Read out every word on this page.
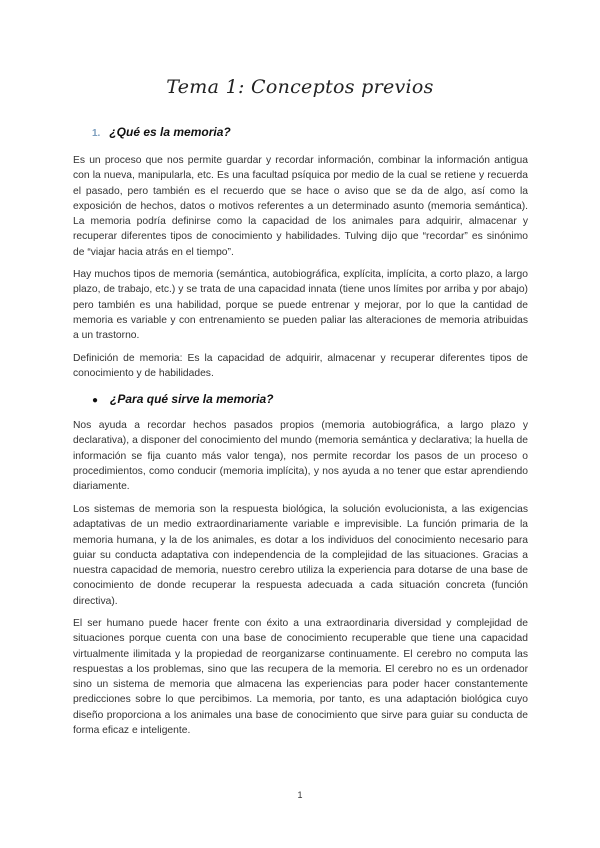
Tema 1: Conceptos previos
1. ¿Qué es la memoria?

Es un proceso que nos permite guardar y recordar información, combinar la información antigua con la nueva, manipularla, etc. Es una facultad psíquica por medio de la cual se retiene y recuerda el pasado, pero también es el recuerdo que se hace o aviso que se da de algo, así como la exposición de hechos, datos o motivos referentes a un determinado asunto (memoria semántica). La memoria podría definirse como la capacidad de los animales para adquirir, almacenar y recuperar diferentes tipos de conocimiento y habilidades. Tulving dijo que “recordar” es sinónimo de “viajar hacia atrás en el tiempo”.

Hay muchos tipos de memoria (semántica, autobiográfica, explícita, implícita, a corto plazo, a largo plazo, de trabajo, etc.) y se trata de una capacidad innata (tiene unos límites por arriba y por abajo) pero también es una habilidad, porque se puede entrenar y mejorar, por lo que la cantidad de memoria es variable y con entrenamiento se pueden paliar las alteraciones de memoria atribuidas a un trastorno.

Definición de memoria: Es la capacidad de adquirir, almacenar y recuperar diferentes tipos de conocimiento y de habilidades.

● ¿Para qué sirve la memoria?

Nos ayuda a recordar hechos pasados propios (memoria autobiográfica, a largo plazo y declarativa), a disponer del conocimiento del mundo (memoria semántica y declarativa; la huella de información se fija cuanto más valor tenga), nos permite recordar los pasos de un proceso o procedimientos, como conducir (memoria implícita), y nos ayuda a no tener que estar aprendiendo diariamente.

Los sistemas de memoria son la respuesta biológica, la solución evolucionista, a las exigencias adaptativas de un medio extraordinariamente variable e imprevisible. La función primaria de la memoria humana, y la de los animales, es dotar a los individuos del conocimiento necesario para guiar su conducta adaptativa con independencia de la complejidad de las situaciones. Gracias a nuestra capacidad de memoria, nuestro cerebro utiliza la experiencia para dotarse de una base de conocimiento de donde recuperar la respuesta adecuada a cada situación concreta (función directiva).

El ser humano puede hacer frente con éxito a una extraordinaria diversidad y complejidad de situaciones porque cuenta con una base de conocimiento recuperable que tiene una capacidad virtualmente ilimitada y la propiedad de reorganizarse continuamente. El cerebro no computa las respuestas a los problemas, sino que las recupera de la memoria. El cerebro no es un ordenador sino un sistema de memoria que almacena las experiencias para poder hacer constantemente predicciones sobre lo que percibimos. La memoria, por tanto, es una adaptación biológica cuyo diseño proporciona a los animales una base de conocimiento que sirve para guiar su conducta de forma eficaz e inteligente.

1
